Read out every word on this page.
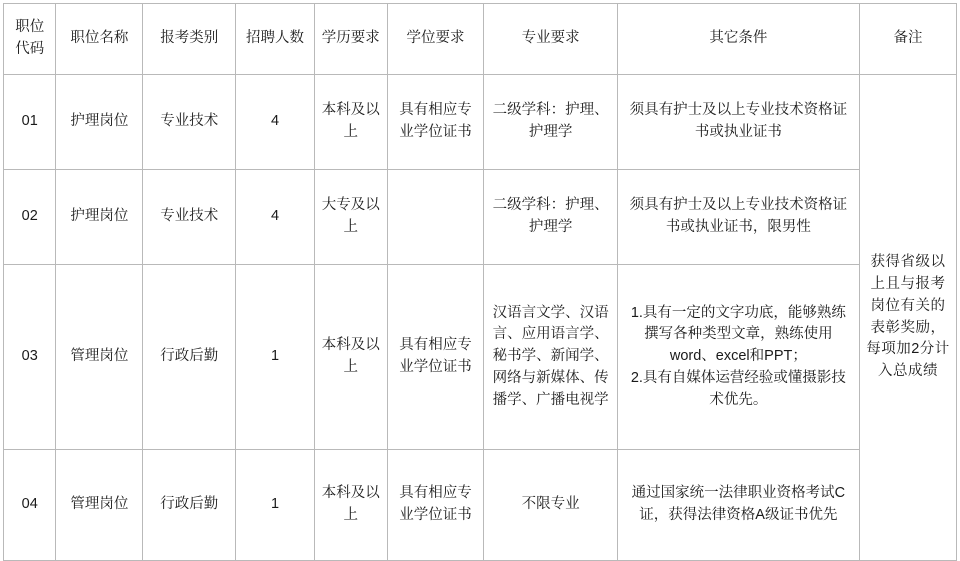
职位代码	职位名称	报考类别	招聘人数	学历要求	学位要求	专业要求	其它条件	备注
01	护理岗位	专业技术	4	本科及以上	具有相应专业学位证书	二级学科：护理、护理学	须具有护士及以上专业技术资格证书或执业证书	获得省级以上且与报考岗位有关的表彰奖励，每项加2分计入总成绩
02	护理岗位	专业技术	4	大专及以上		二级学科：护理、护理学	须具有护士及以上专业技术资格证书或执业证书，限男性	
03	管理岗位	行政后勤	1	本科及以上	具有相应专业学位证书	汉语言文学、汉语言、应用语言学、秘书学、新闻学、网络与新媒体、传播学、广播电视学	1.具有一定的文字功底，能够熟练撰写各种类型文章，熟练使用word、excel和PPT；
2.具有自媒体运营经验或懂摄影技术优先。	

04	管理岗位	行政后勤	1	本科及以上	具有相应专业学位证书	不限专业	通过国家统一法律职业资格考试C证，获得法律资格A级证书优先	
